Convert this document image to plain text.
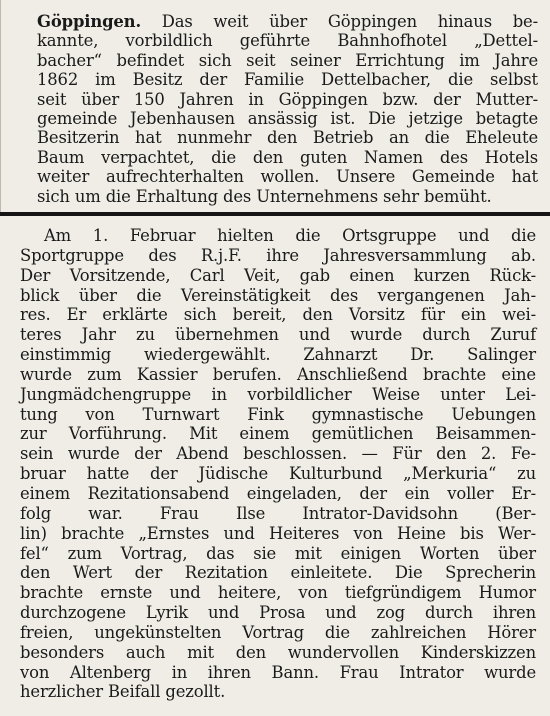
Göppingen. Das weit über Göppingen hinaus be-
kannte, vorbildlich geführte Bahnhofhotel „Dettel-
bacher“ befindet sich seit seiner Errichtung im Jahre
1862 im Besitz der Familie Dettelbacher, die selbst
seit über 150 Jahren in Göppingen bzw. der Mutter-
gemeinde Jebenhausen ansässig ist. Die jetzige betagte
Besitzerin hat nunmehr den Betrieb an die Eheleute
Baum verpachtet, die den guten Namen des Hotels
weiter aufrechterhalten wollen. Unsere Gemeinde hat
sich um die Erhaltung des Unternehmens sehr bemüht.
Am 1. Februar hielten die Ortsgruppe und die
Sportgruppe des R.j.F. ihre Jahresversammlung ab.
Der Vorsitzende, Carl Veit, gab einen kurzen Rück-
blick über die Vereinstätigkeit des vergangenen Jah-
res. Er erklärte sich bereit, den Vorsitz für ein wei-
teres Jahr zu übernehmen und wurde durch Zuruf
einstimmig wiedergewählt. Zahnarzt Dr. Salinger
wurde zum Kassier berufen. Anschließend brachte eine
Jungmädchengruppe in vorbildlicher Weise unter Lei-
tung von Turnwart Fink gymnastische Uebungen
zur Vorführung. Mit einem gemütlichen Beisammen-
sein wurde der Abend beschlossen. — Für den 2. Fe-
bruar hatte der Jüdische Kulturbund „Merkuria“ zu
einem Rezitationsabend eingeladen, der ein voller Er-
folg war. Frau Ilse Intrator-Davidsohn (Ber-
lin) brachte „Ernstes und Heiteres von Heine bis Wer-
fel“ zum Vortrag, das sie mit einigen Worten über
den Wert der Rezitation einleitete. Die Sprecherin
brachte ernste und heitere, von tiefgründigem Humor
durchzogene Lyrik und Prosa und zog durch ihren
freien, ungekünstelten Vortrag die zahlreichen Hörer
besonders auch mit den wundervollen Kinderskizzen
von Altenberg in ihren Bann. Frau Intrator wurde
herzlicher Beifall gezollt.
